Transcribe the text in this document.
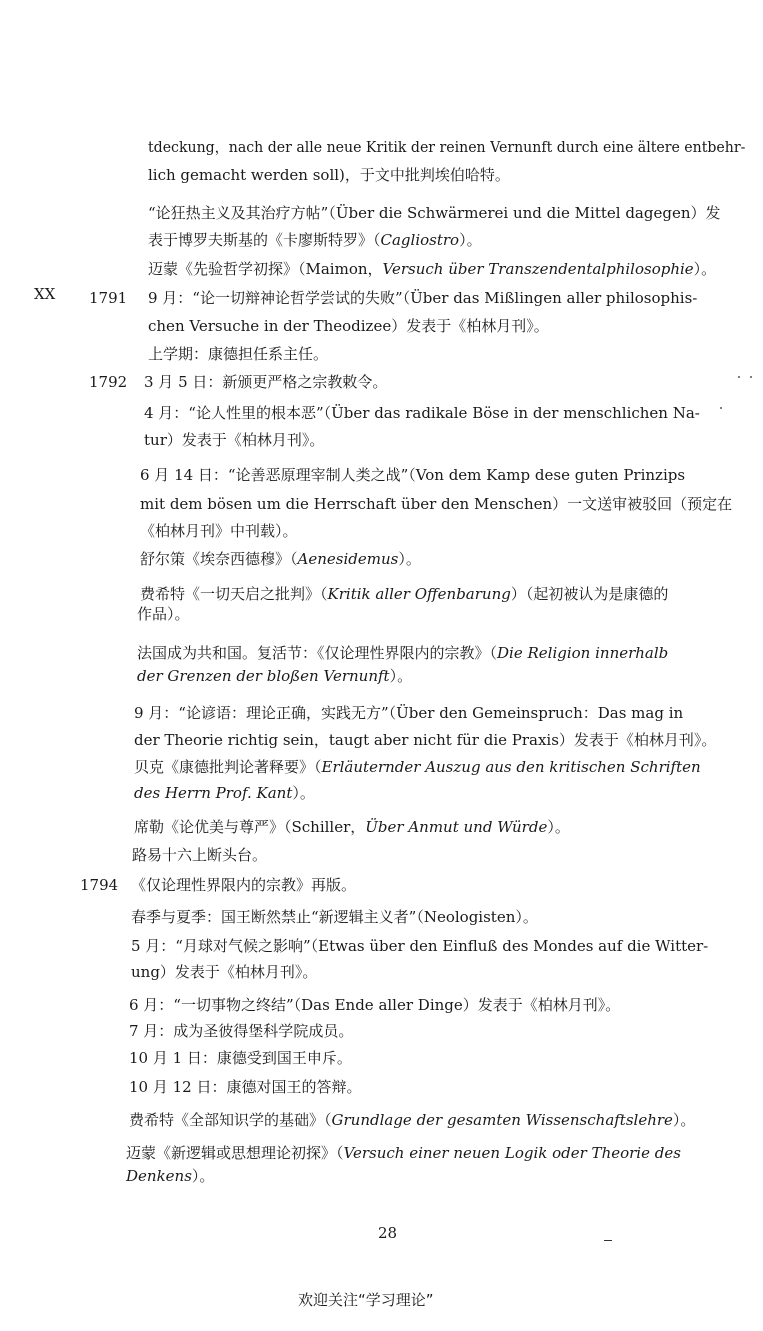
XX 1791
1792
1794
tdeckung，nach der alle neue Kritik der reinen Vernunft durch eine ältere entbehr-
lich gemacht werden soll)，于文中批判埃伯哈特。
“论狂热主义及其治疗方帖”（Über die Schwärmerei und die Mittel dagegen）发
表于博罗夫斯基的《卡廖斯特罗》（Cagliostro）。
迈蒙《先验哲学初探》（Maimon，Versuch über Transzendentalphilosophie）。
9 月：“论一切辩神论哲学尝试的失败”（Über das Mißlingen aller philosophis-
chen Versuche in der Theodizee）发表于《柏林月刊》。
上学期：康德担任系主任。
3 月 5 日：新颁更严格之宗教敕令。
4 月：“论人性里的根本恶”（Über das radikale Böse in der menschlichen Na-
tur）发表于《柏林月刊》。
6 月 14 日：“论善恶原理宰制人类之战”（Von dem Kamp dese guten Prinzips
mit dem bösen um die Herrschaft über den Menschen）一文送审被驳回（预定在
《柏林月刊》中刊载）。
舒尔策《埃奈西德穆》（Aenesidemus）。
费希特《一切天启之批判》（Kritik aller Offenbarung）（起初被认为是康德的
作品）。
法国成为共和国。复活节：《仅论理性界限内的宗教》（Die Religion innerhalb
der Grenzen der bloßen Vernunft）。
9 月：“论谚语：理论正确，实践无方”（Über den Gemeinspruch：Das mag in
der Theorie richtig sein，taugt aber nicht für die Praxis）发表于《柏林月刊》。
贝克《康德批判论著释要》（Erläuternder Auszug aus den kritischen Schriften
des Herrn Prof. Kant）。
席勒《论优美与尊严》（Schiller，Über Anmut und Würde）。
路易十六上断头台。
《仅论理性界限内的宗教》再版。
春季与夏季：国王断然禁止“新逻辑主义者”（Neologisten）。
5 月：“月球对气候之影响”（Etwas über den Einfluß des Mondes auf die Witter-
ung）发表于《柏林月刊》。
6 月：“一切事物之终结”（Das Ende aller Dinge）发表于《柏林月刊》。
7 月：成为圣彼得堡科学院成员。
10 月 1 日：康德受到国王申斥。
10 月 12 日：康德对国王的答辩。
费希特《全部知识学的基础》（Grundlage der gesamten Wissenschaftslehre）。
迈蒙《新逻辑或思想理论初探》（Versuch einer neuen Logik oder Theorie des
Denkens）。
28
欢迎关注“学习理论”
